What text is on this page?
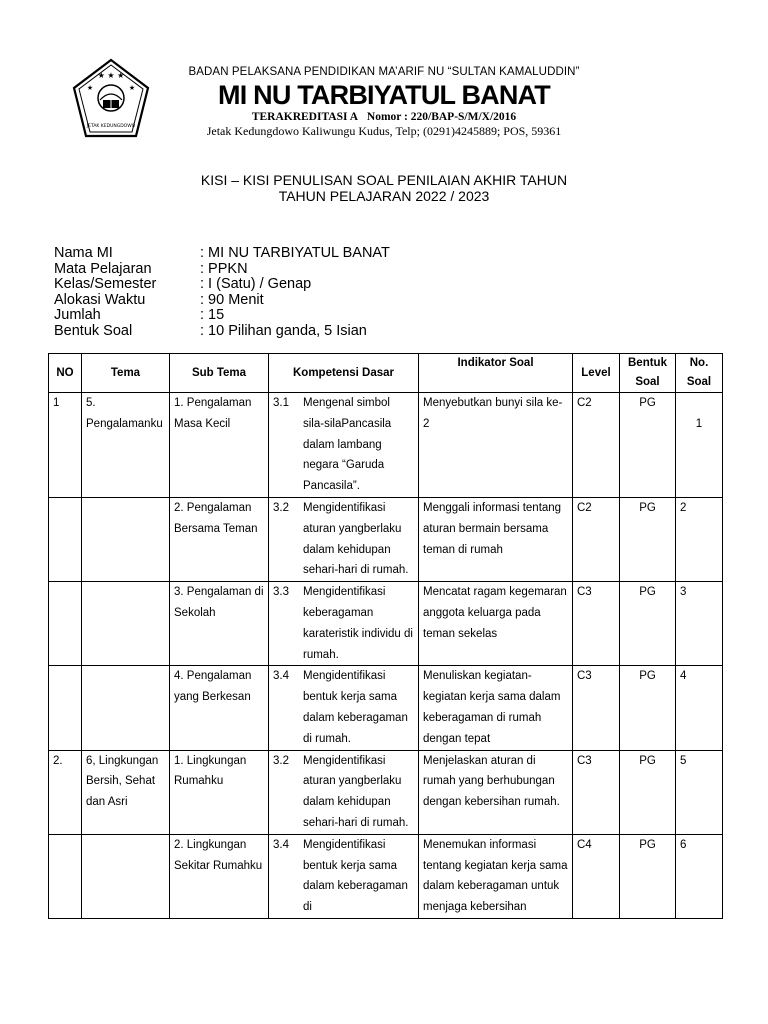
★ ★ ★
★	★
JETAK KEDUNGDOWO
BADAN PELAKSANA PENDIDIKAN MA’ARIF NU “SULTAN KAMALUDDIN”
MI NU TARBIYATUL BANAT
TERAKREDITASI A Nomor : 220/BAP-S/M/X/2016
Jetak Kedungdowo Kaliwungu Kudus, Telp; (0291)4245889; POS, 59361
KISI – KISI PENULISAN SOAL PENILAIAN AKHIR TAHUN
TAHUN PELAJARAN 2022 / 2023
Nama MI	: MI NU TARBIYATUL BANAT
Mata Pelajaran	: PPKN
Kelas/Semester	: I (Satu) / Genap
Alokasi Waktu	: 90 Menit
Jumlah	: 15
Bentuk Soal	: 10 Pilihan ganda, 5 Isian
NO	Tema	Sub Tema	Kompetensi Dasar	Indikator Soal	Level	Bentuk Soal	No. Soal
1	5. Pengalamanku	1. Pengalaman Masa Kecil	3.1 Mengenal simbol sila-silaPancasila dalam lambang negara “Garuda Pancasila”.	Menyebutkan bunyi sila ke-2	C2	PG	1
		2. Pengalaman Bersama Teman	3.2 Mengidentifikasi aturan yangberlaku dalam kehidupan sehari-hari di rumah.	Menggali informasi tentang aturan bermain bersama teman di rumah	C2	PG	2
		3. Pengalaman di Sekolah	3.3 Mengidentifikasi keberagaman karateristik individu di rumah.	Mencatat ragam kegemaran anggota keluarga pada teman sekelas	C3	PG	3
		4. Pengalaman yang Berkesan	3.4 Mengidentifikasi bentuk kerja sama dalam keberagaman di rumah.	Menuliskan kegiatan-kegiatan kerja sama dalam keberagaman di rumah dengan tepat	C3	PG	4
2.	6, Lingkungan Bersih, Sehat dan Asri	1. Lingkungan Rumahku	3.2 Mengidentifikasi aturan yangberlaku dalam kehidupan sehari-hari di rumah.	Menjelaskan aturan di rumah yang berhubungan dengan kebersihan rumah.	C3	PG	5
		2. Lingkungan Sekitar Rumahku	3.4 Mengidentifikasi bentuk kerja sama dalam keberagaman di	Menemukan informasi tentang kegiatan kerja sama dalam keberagaman untuk menjaga kebersihan	C4	PG	6
